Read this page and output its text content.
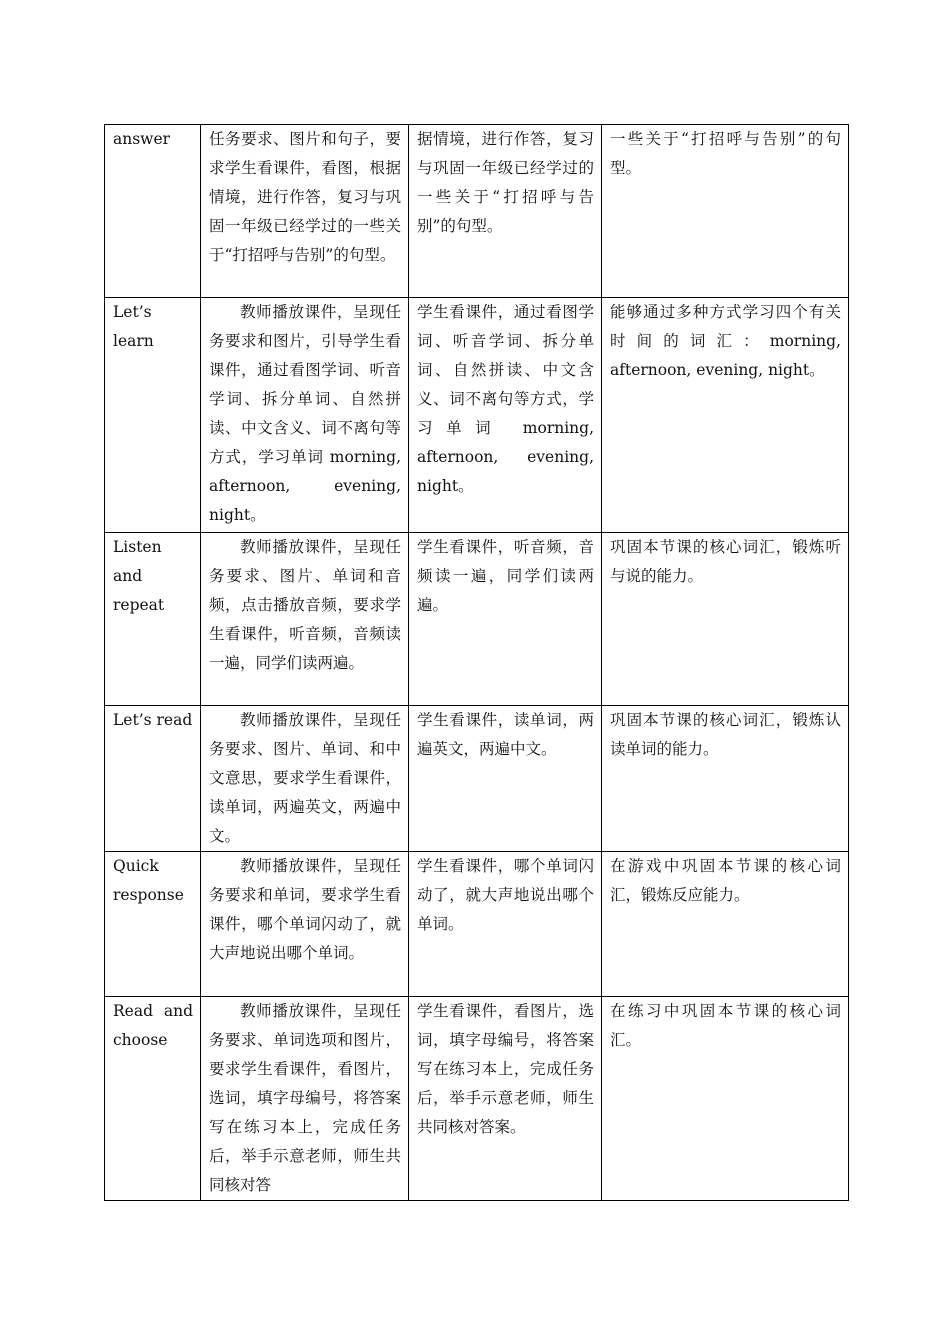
answer	任务要求、图片和句子，要求学生看课件，看图，根据情境，进行作答，复习与巩固一年级已经学过的一些关于“打招呼与告别”的句型。	据情境，进行作答，复习与巩固一年级已经学过的一些关于“打招呼与告别”的句型。	一些关于“打招呼与告别”的句型。
Let’s learn	教师播放课件，呈现任务要求和图片，引导学生看课件，通过看图学词、听音学词、拆分单词、自然拼读、中文含义、词不离句等方式，学习单词 morning, afternoon, evening, night。	学生看课件，通过看图学词、听音学词、拆分单词、自然拼读、中文含义、词不离句等方式，学习单词 morning, afternoon, evening, night。	能够通过多种方式学习四个有关时间的词汇：morning, afternoon, evening, night。
Listen and repeat	教师播放课件，呈现任务要求、图片、单词和音频，点击播放音频，要求学生看课件，听音频，音频读一遍，同学们读两遍。	学生看课件，听音频，音频读一遍，同学们读两遍。	巩固本节课的核心词汇，锻炼听与说的能力。
Let’s read	教师播放课件，呈现任务要求、图片、单词、和中文意思，要求学生看课件，读单词，两遍英文，两遍中文。	学生看课件，读单词，两遍英文，两遍中文。	巩固本节课的核心词汇，锻炼认读单词的能力。
Quick response	教师播放课件，呈现任务要求和单词，要求学生看课件，哪个单词闪动了，就大声地说出哪个单词。	学生看课件，哪个单词闪动了，就大声地说出哪个单词。	在游戏中巩固本节课的核心词汇，锻炼反应能力。
Read and choose	教师播放课件，呈现任务要求、单词选项和图片，要求学生看课件，看图片，选词，填字母编号，将答案写在练习本上，完成任务后，举手示意老师，师生共同核对答	学生看课件，看图片，选词，填字母编号，将答案写在练习本上，完成任务后，举手示意老师，师生共同核对答案。	在练习中巩固本节课的核心词汇。
